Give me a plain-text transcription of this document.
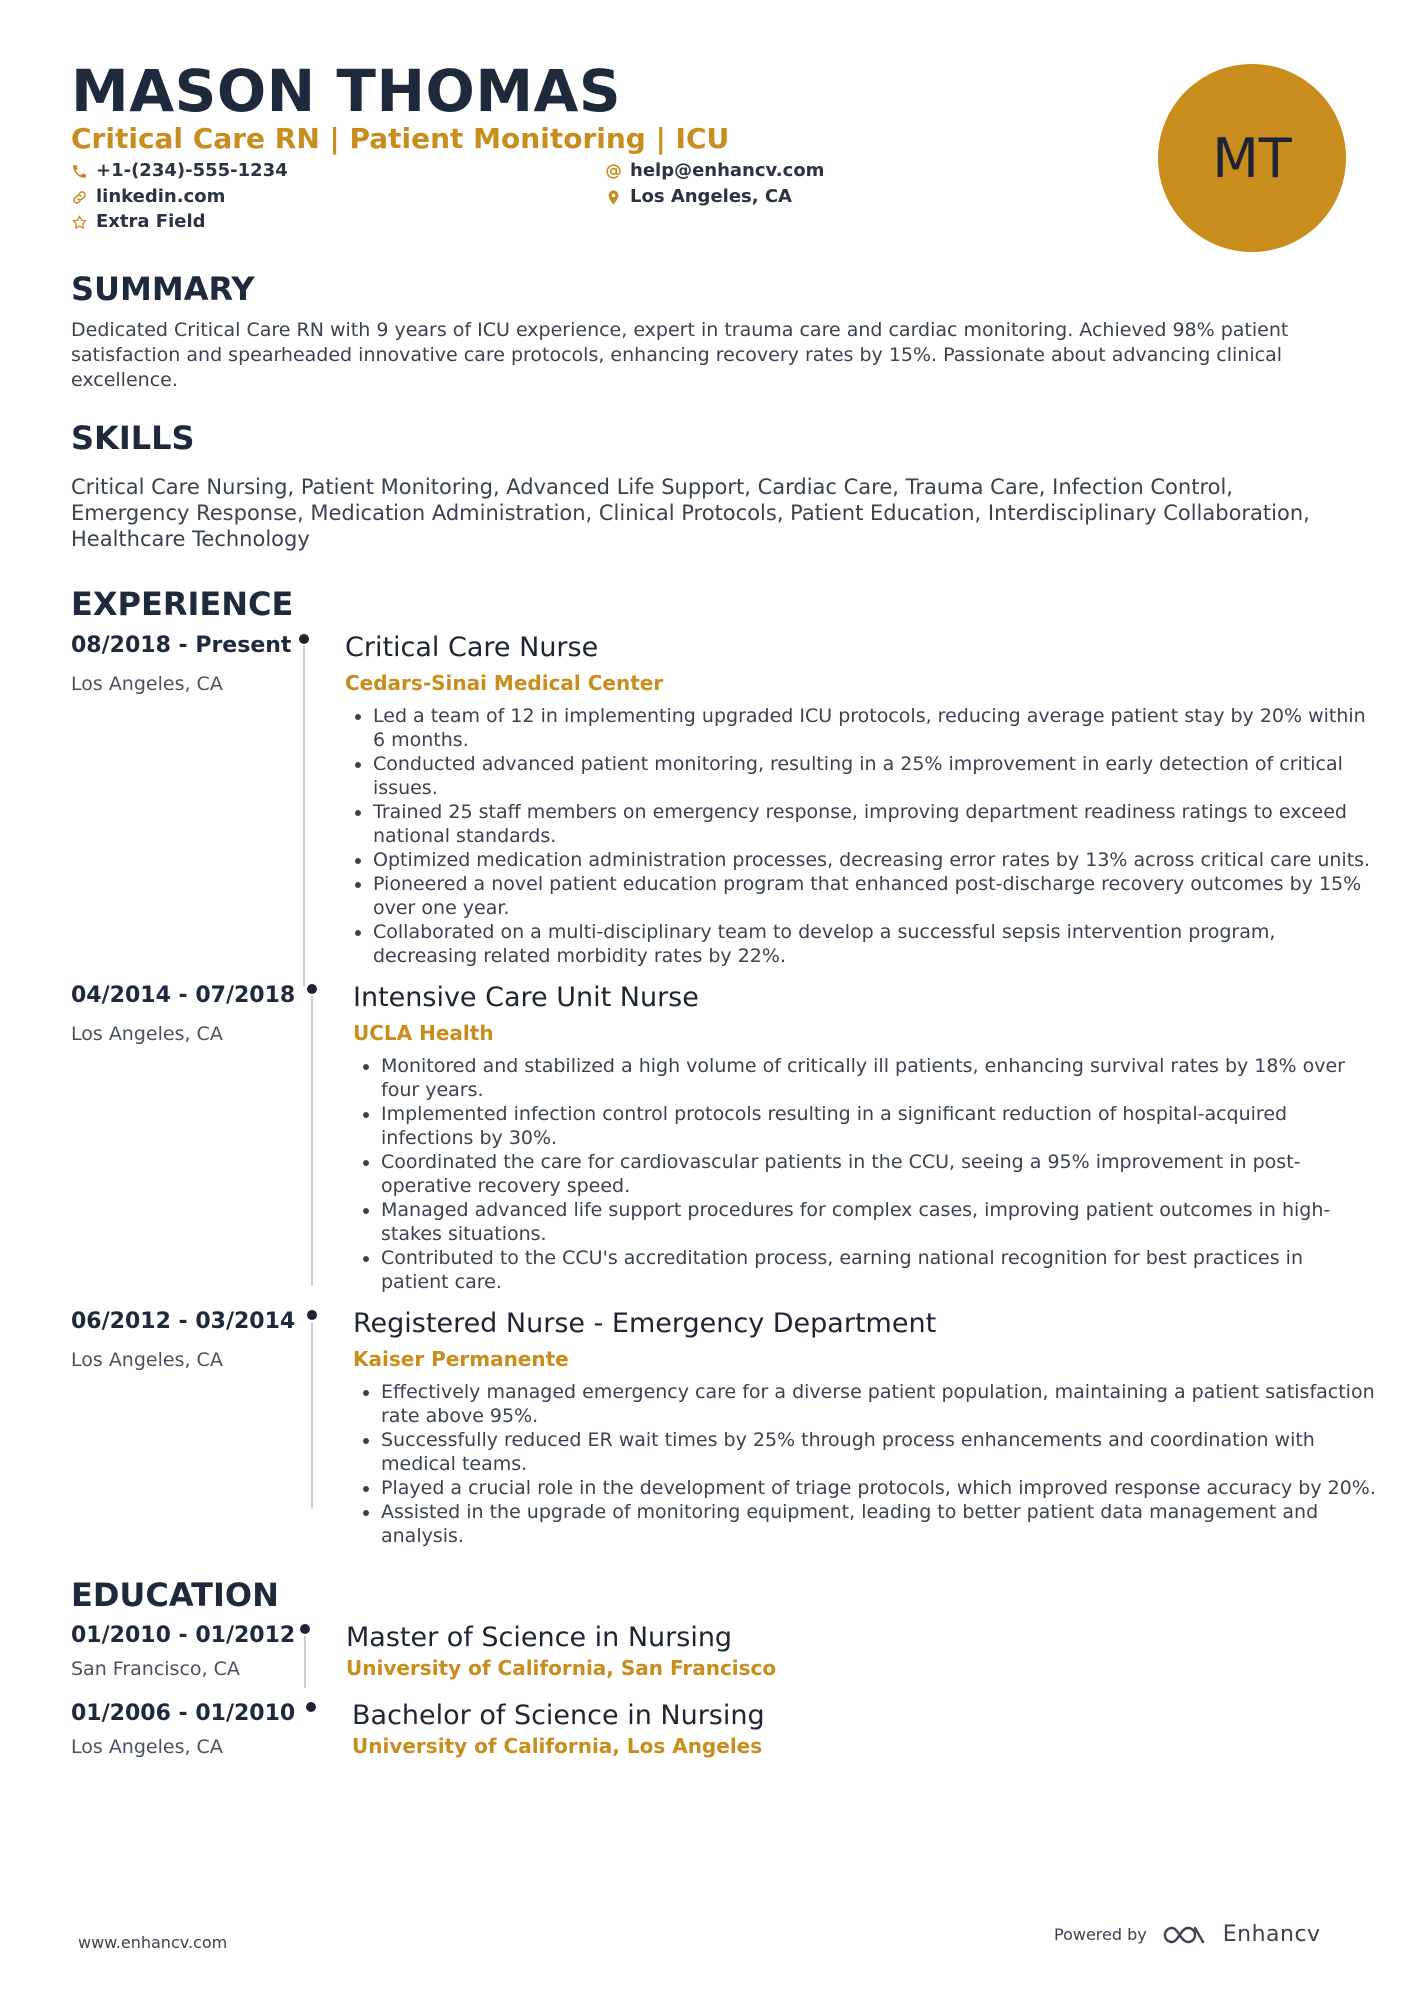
MASON THOMAS
Critical Care RN | Patient Monitoring | ICU
+1-(234)-555-1234	help@enhancv.com
linkedin.com	Los Angeles, CA
Extra Field
MT
SUMMARY
Dedicated Critical Care RN with 9 years of ICU experience, expert in trauma care and cardiac monitoring. Achieved 98% patient satisfaction and spearheaded innovative care protocols, enhancing recovery rates by 15%. Passionate about advancing clinical excellence.
SKILLS
Critical Care Nursing, Patient Monitoring, Advanced Life Support, Cardiac Care, Trauma Care, Infection Control, Emergency Response, Medication Administration, Clinical Protocols, Patient Education, Interdisciplinary Collaboration, Healthcare Technology
EXPERIENCE
08/2018 - Present
Los Angeles, CA
Critical Care Nurse
Cedars-Sinai Medical Center
• Led a team of 12 in implementing upgraded ICU protocols, reducing average patient stay by 20% within 6 months.
• Conducted advanced patient monitoring, resulting in a 25% improvement in early detection of critical issues.
• Trained 25 staff members on emergency response, improving department readiness ratings to exceed national standards.
• Optimized medication administration processes, decreasing error rates by 13% across critical care units.
• Pioneered a novel patient education program that enhanced post-discharge recovery outcomes by 15% over one year.
• Collaborated on a multi-disciplinary team to develop a successful sepsis intervention program, decreasing related morbidity rates by 22%.
04/2014 - 07/2018
Los Angeles, CA
Intensive Care Unit Nurse
UCLA Health
• Monitored and stabilized a high volume of critically ill patients, enhancing survival rates by 18% over four years.
• Implemented infection control protocols resulting in a significant reduction of hospital-acquired infections by 30%.
• Coordinated the care for cardiovascular patients in the CCU, seeing a 95% improvement in post-operative recovery speed.
• Managed advanced life support procedures for complex cases, improving patient outcomes in high-stakes situations.
• Contributed to the CCU's accreditation process, earning national recognition for best practices in patient care.
06/2012 - 03/2014
Los Angeles, CA
Registered Nurse - Emergency Department
Kaiser Permanente
• Effectively managed emergency care for a diverse patient population, maintaining a patient satisfaction rate above 95%.
• Successfully reduced ER wait times by 25% through process enhancements and coordination with medical teams.
• Played a crucial role in the development of triage protocols, which improved response accuracy by 20%.
• Assisted in the upgrade of monitoring equipment, leading to better patient data management and analysis.
EDUCATION
01/2010 - 01/2012
San Francisco, CA
Master of Science in Nursing
University of California, San Francisco
01/2006 - 01/2010
Los Angeles, CA
Bachelor of Science in Nursing
University of California, Los Angeles
www.enhancv.com	Powered by	Enhancv
